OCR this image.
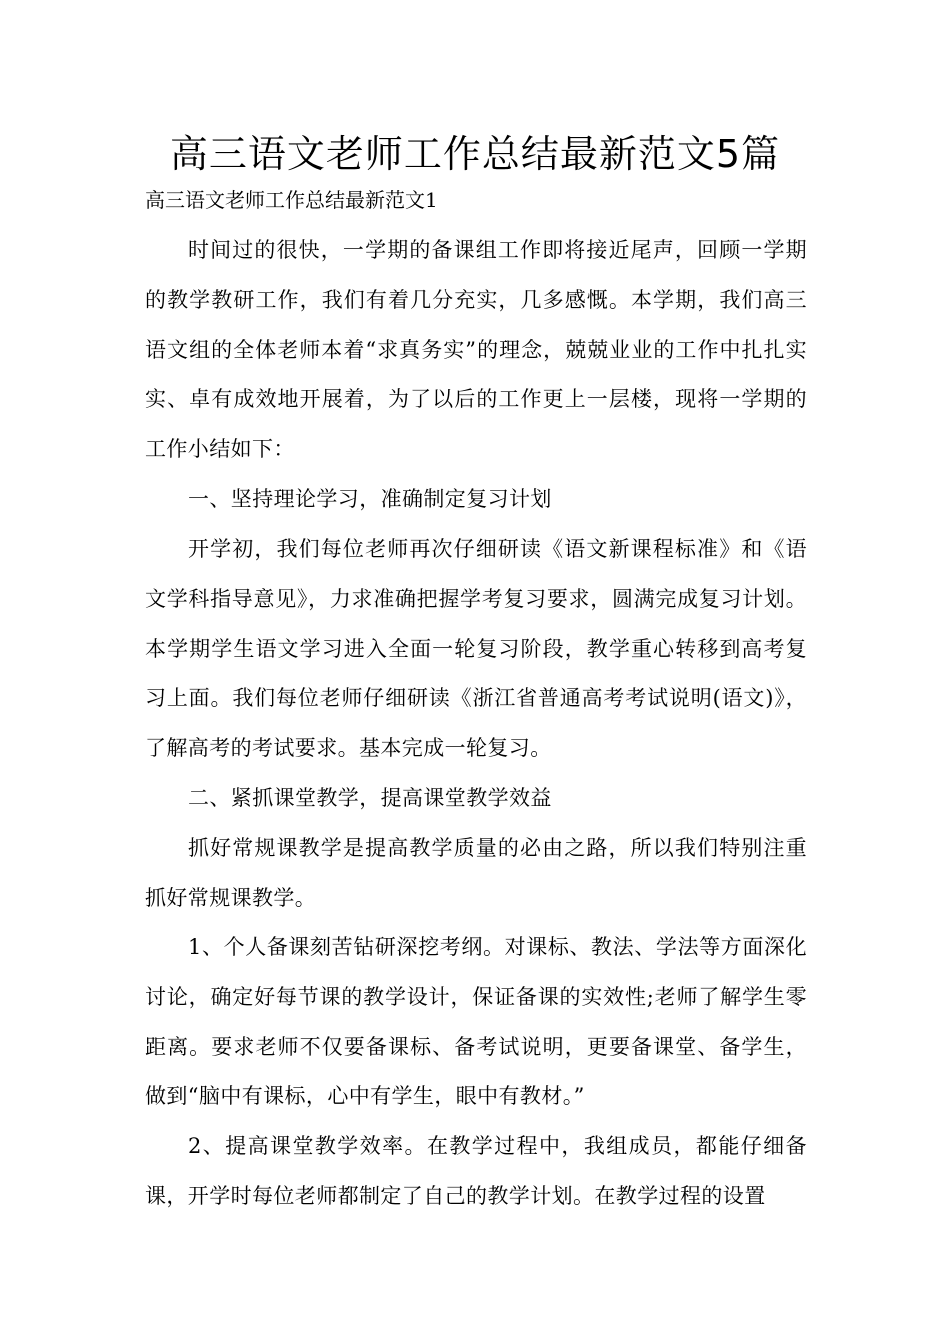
高三语文老师工作总结最新范文5篇

高三语文老师工作总结最新范文1

时间过的很快，一学期的备课组工作即将接近尾声，回顾一学期的教学教研工作，我们有着几分充实，几多感慨。本学期，我们高三语文组的全体老师本着“求真务实”的理念，兢兢业业的工作中扎扎实实、卓有成效地开展着，为了以后的工作更上一层楼，现将一学期的工作小结如下：

一、坚持理论学习，准确制定复习计划

开学初，我们每位老师再次仔细研读《语文新课程标准》和《语文学科指导意见》，力求准确把握学考复习要求，圆满完成复习计划。本学期学生语文学习进入全面一轮复习阶段，教学重心转移到高考复习上面。我们每位老师仔细研读《浙江省普通高考考试说明(语文)》，了解高考的考试要求。基本完成一轮复习。

二、紧抓课堂教学，提高课堂教学效益

抓好常规课教学是提高教学质量的必由之路，所以我们特别注重抓好常规课教学。

1、个人备课刻苦钻研深挖考纲。对课标、教法、学法等方面深化讨论，确定好每节课的教学设计，保证备课的实效性;老师了解学生零距离。要求老师不仅要备课标、备考试说明，更要备课堂、备学生，做到“脑中有课标，心中有学生，眼中有教材。”

2、提高课堂教学效率。在教学过程中，我组成员，都能仔细备课，开学时每位老师都制定了自己的教学计划。在教学过程的设置
